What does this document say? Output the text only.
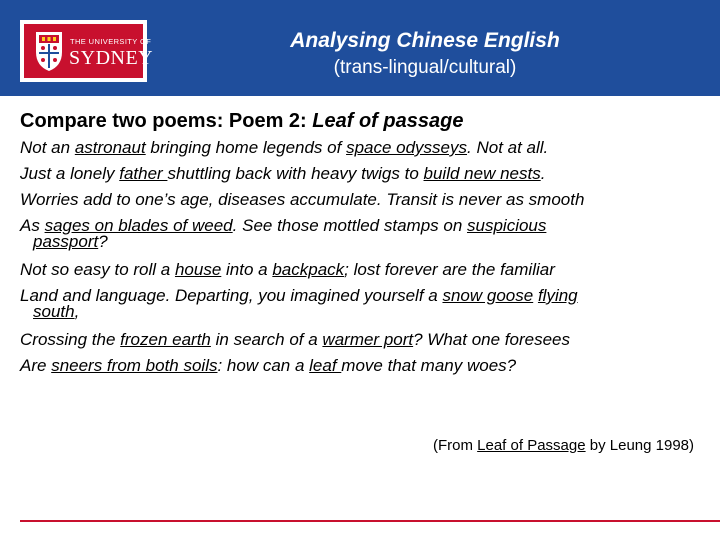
THE UNIVERSITY OF
SYDNEY
Analysing Chinese English
(trans-lingual/cultural)
Compare two poems: Poem 2: Leaf of passage
Not an astronaut bringing home legends of space odysseys. Not at all.
Just a lonely father shuttling back with heavy twigs to build new nests.
Worries add to one’s age, diseases accumulate. Transit is never as smooth
As sages on blades of weed. See those mottled stamps on suspicious
passport?
Not so easy to roll a house into a backpack; lost forever are the familiar
Land and language. Departing, you imagined yourself a snow goose flying
south,
Crossing the frozen earth in search of a warmer port? What one foresees
Are sneers from both soils: how can a leaf move that many woes?
(From Leaf of Passage by Leung 1998)
